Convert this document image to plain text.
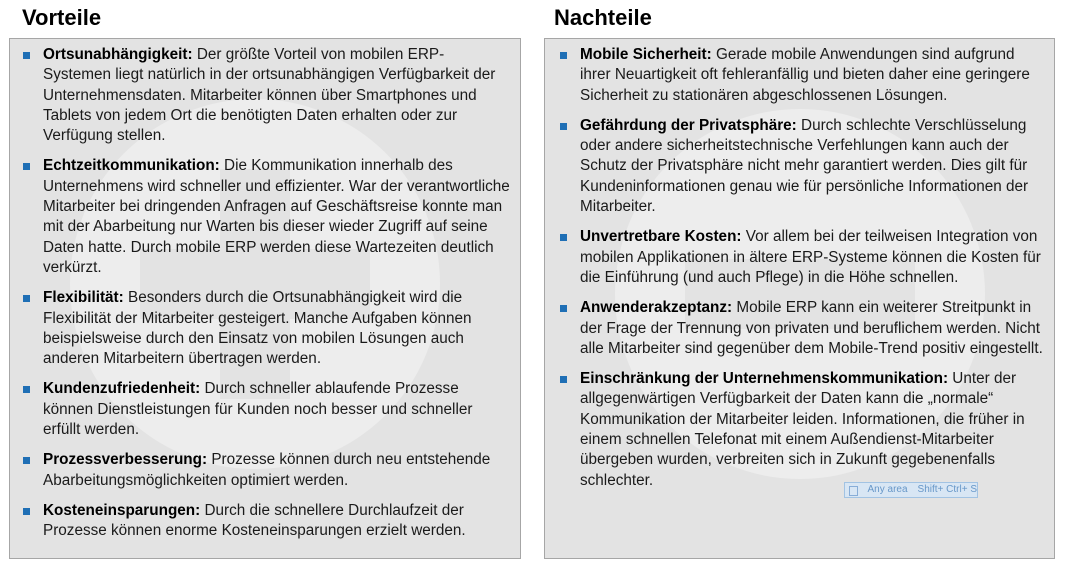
Vorteile
Ortsunabhängigkeit: Der größte Vorteil von mobilen ERP-Systemen liegt natürlich in der ortsunabhängigen Verfügbarkeit der Unternehmensdaten. Mitarbeiter können über Smartphones und Tablets von jedem Ort die benötigten Daten erhalten oder zur Verfügung stellen.
Echtzeitkommunikation: Die Kommunikation innerhalb des Unternehmens wird schneller und effizienter. War der verantwortliche Mitarbeiter bei dringenden Anfragen auf Geschäftsreise konnte man mit der Abarbeitung nur Warten bis dieser wieder Zugriff auf seine Daten hatte. Durch mobile ERP werden diese Wartezeiten deutlich verkürzt.
Flexibilität: Besonders durch die Ortsunabhängigkeit wird die Flexibilität der Mitarbeiter gesteigert. Manche Aufgaben können beispielsweise durch den Einsatz von mobilen Lösungen auch anderen Mitarbeitern übertragen werden.
Kundenzufriedenheit: Durch schneller ablaufende Prozesse können Dienstleistungen für Kunden noch besser und schneller erfüllt werden.
Prozessverbesserung: Prozesse können durch neu entstehende Abarbeitungsmöglichkeiten optimiert werden.
Kosteneinsparungen: Durch die schnellere Durchlaufzeit der Prozesse können enorme Kosteneinsparungen erzielt werden.
Nachteile
Mobile Sicherheit: Gerade mobile Anwendungen sind aufgrund ihrer Neuartigkeit oft fehleranfällig und bieten daher eine geringere Sicherheit zu stationären abgeschlossenen Lösungen.
Gefährdung der Privatsphäre: Durch schlechte Verschlüsselung oder andere sicherheitstechnische Verfehlungen kann auch der Schutz der Privatsphäre nicht mehr garantiert werden. Dies gilt für Kundeninformationen genau wie für persönliche Informationen der Mitarbeiter.
Unvertretbare Kosten: Vor allem bei der teilweisen Integration von mobilen Applikationen in ältere ERP-Systeme können die Kosten für die Einführung (und auch Pflege) in die Höhe schnellen.
Anwenderakzeptanz: Mobile ERP kann ein weiterer Streitpunkt in der Frage der Trennung von privaten und beruflichem werden. Nicht alle Mitarbeiter sind gegenüber dem Mobile-Trend positiv eingestellt.
Einschränkung der Unternehmenskommunikation: Unter der allgegenwärtigen Verfügbarkeit der Daten kann die „normale“ Kommunikation der Mitarbeiter leiden. Informationen, die früher in einem schnellen Telefonat mit einem Außendienst-Mitarbeiter übergeben wurden, verbreiten sich in Zukunft gegebenenfalls schlechter.
Any area Shift+ Ctrl+ S
